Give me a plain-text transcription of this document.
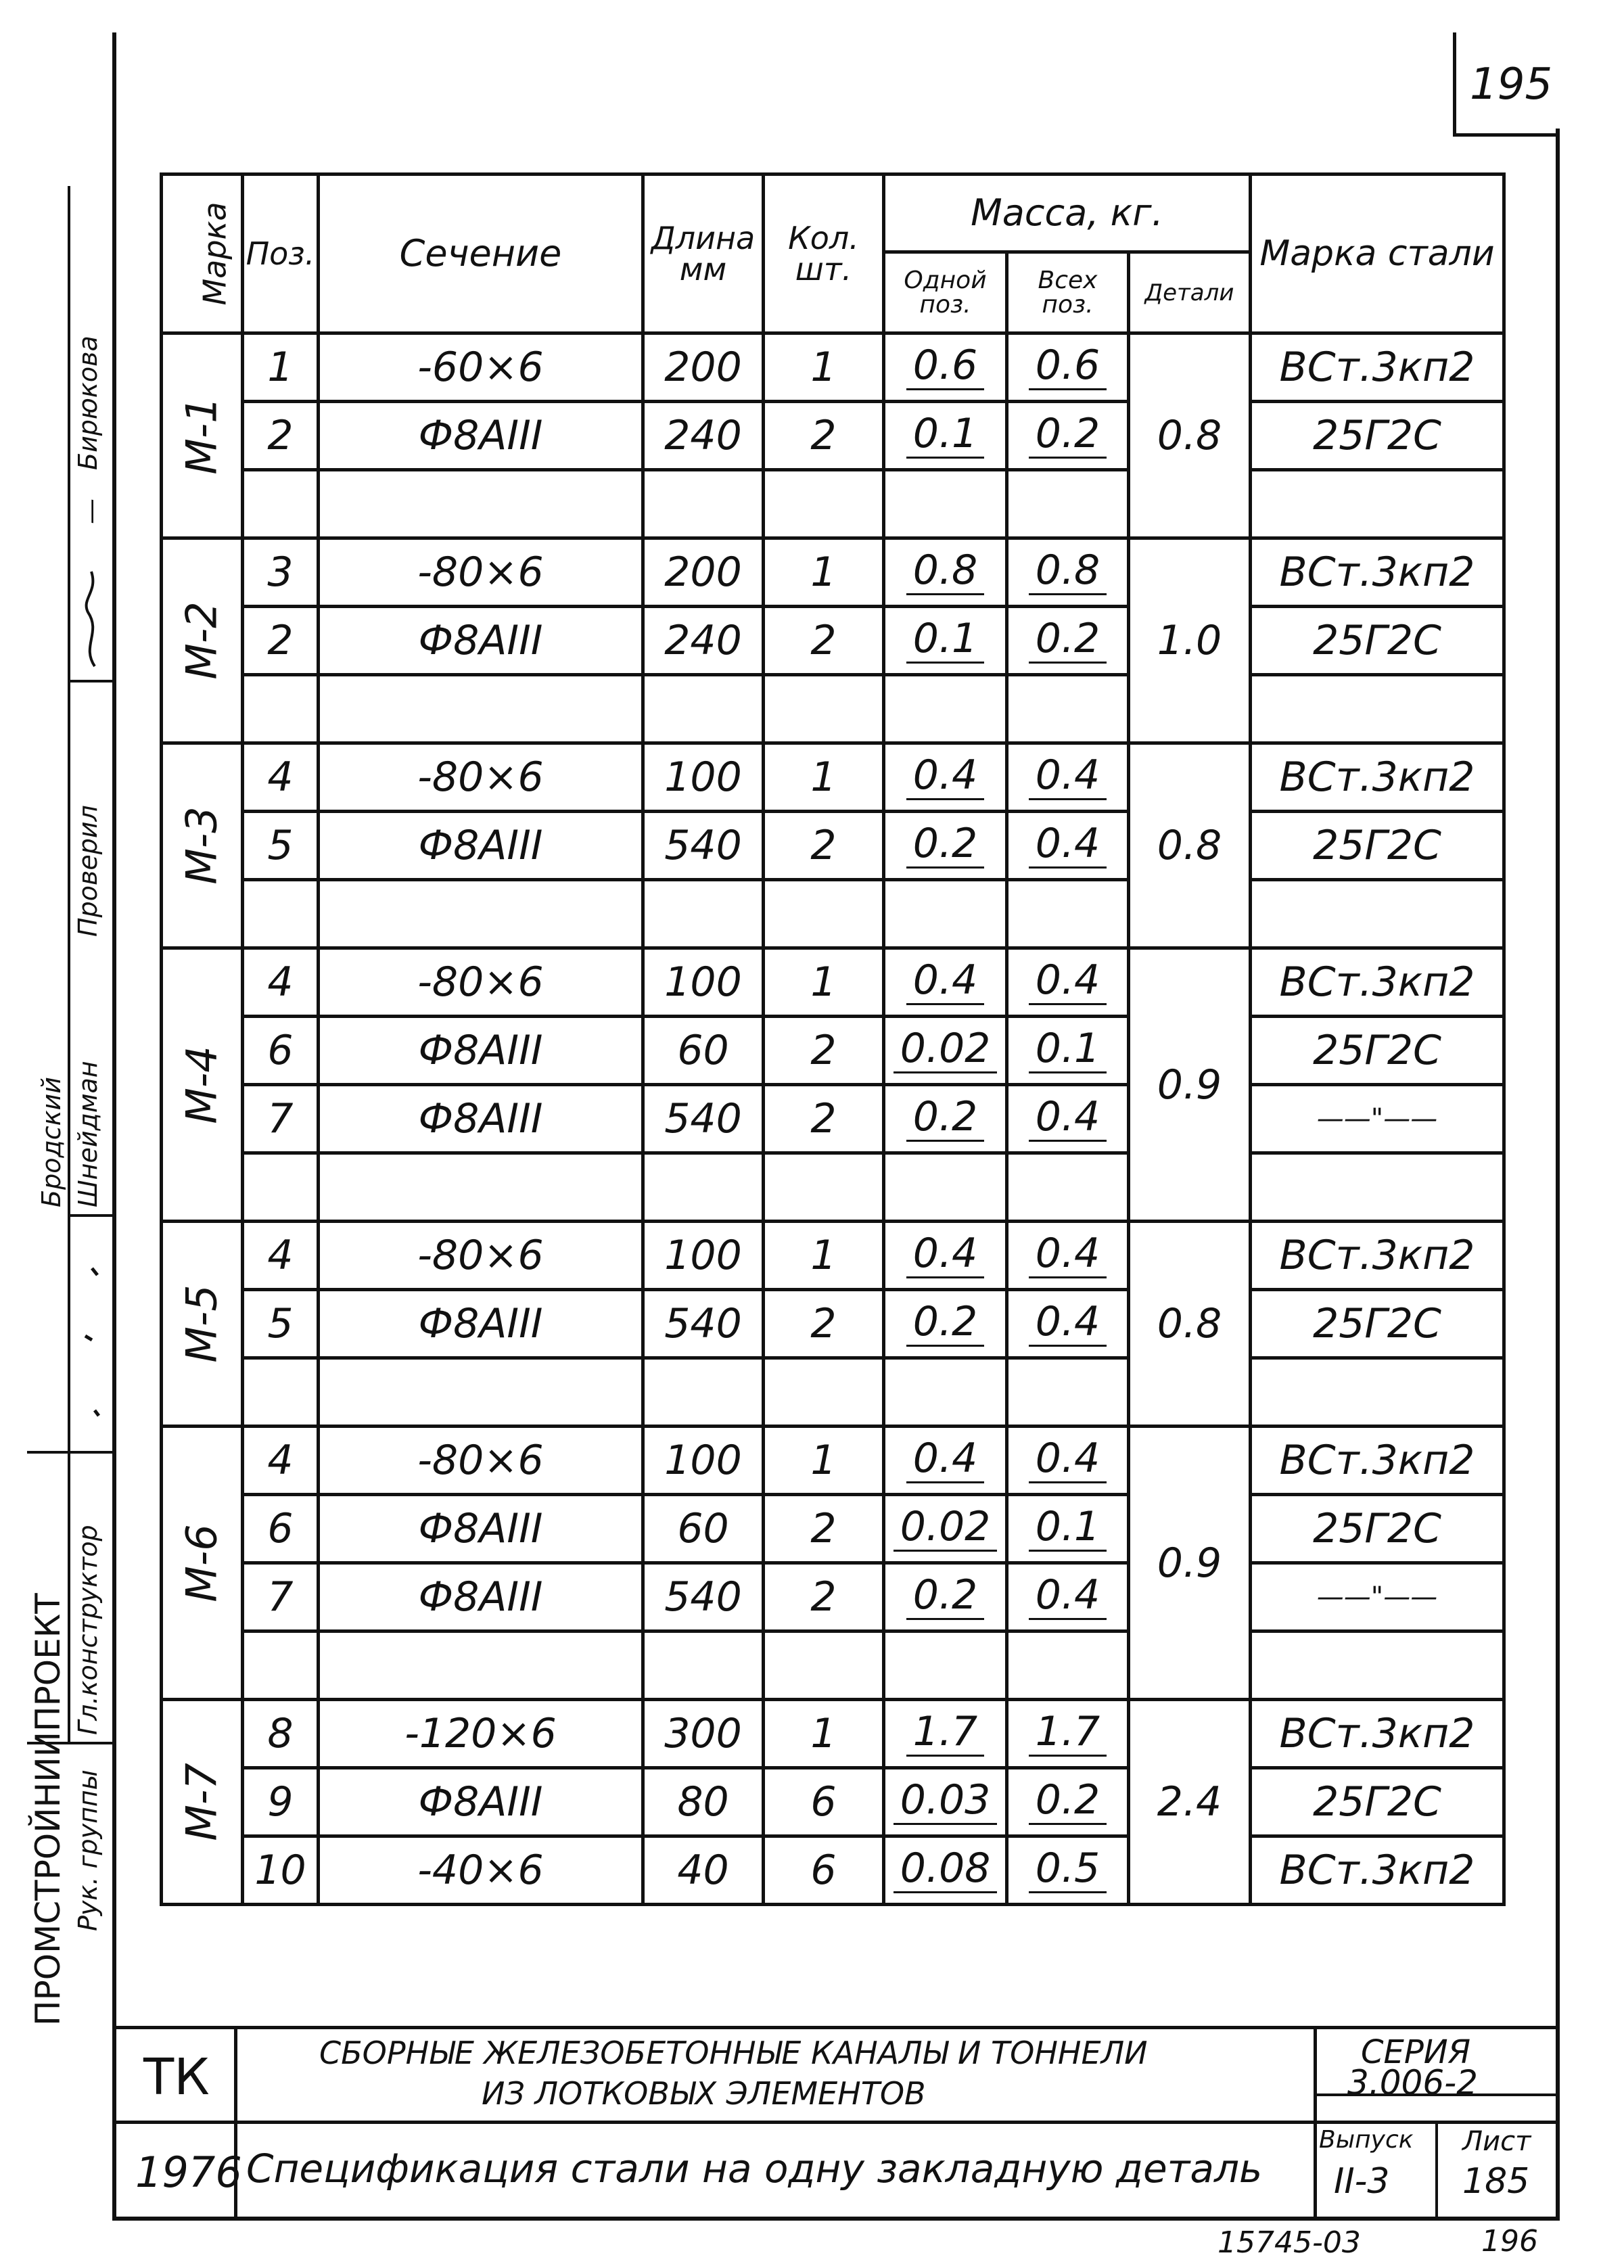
195
ПРОМСТРОЙНИИПРОЕКТ Гл.конструктор
Рук. группы
Бродский Шнейдман
Проверил
Бирюкова
—
Марка	Поз.	Сечение	Длина мм	Кол. шт.	Масса, кг.			Марка стали
					Одной поз.	Всех поз.	Детали	
М-1	1	-60×6	200	1	0.6	0.6	0.8	ВСт.3кп2
	2	Ф8АIII	240	2	0.1	0.2		25Г2С

М-2	3	-80×6	200	1	0.8	0.8	1.0	ВСт.3кп2
	2	Ф8АIII	240	2	0.1	0.2		25Г2С

М-3	4	-80×6	100	1	0.4	0.4	0.8	ВСт.3кп2
	5	Ф8АIII	540	2	0.2	0.4		25Г2С

М-4	4	-80×6	100	1	0.4	0.4	0.9	ВСт.3кп2
	6	Ф8АIII	60	2	0.02	0.1		25Г2С
	7	Ф8АIII	540	2	0.2	0.4		——"——

М-5	4	-80×6	100	1	0.4	0.4	0.8	ВСт.3кп2
	5	Ф8АIII	540	2	0.2	0.4		25Г2С

М-6	4	-80×6	100	1	0.4	0.4	0.9	ВСт.3кп2
	6	Ф8АIII	60	2	0.02	0.1		25Г2С
	7	Ф8АIII	540	2	0.2	0.4		——"——

М-7	8	-120×6	300	1	1.7	1.7	2.4	ВСт.3кп2
	9	Ф8АIII	80	6	0.03	0.2		25Г2С
	10	-40×6	40	6	0.08	0.5		ВСт.3кп2
ТК
1976
СБОРНЫЕ ЖЕЛЕЗОБЕТОННЫЕ КАНАЛЫ И ТОННЕЛИ
ИЗ ЛОТКОВЫХ ЭЛЕМЕНТОВ
Спецификация стали на одну закладную деталь
СЕРИЯ
3.006-2
Выпуск
II-3
Лист
185
15745-03	196
